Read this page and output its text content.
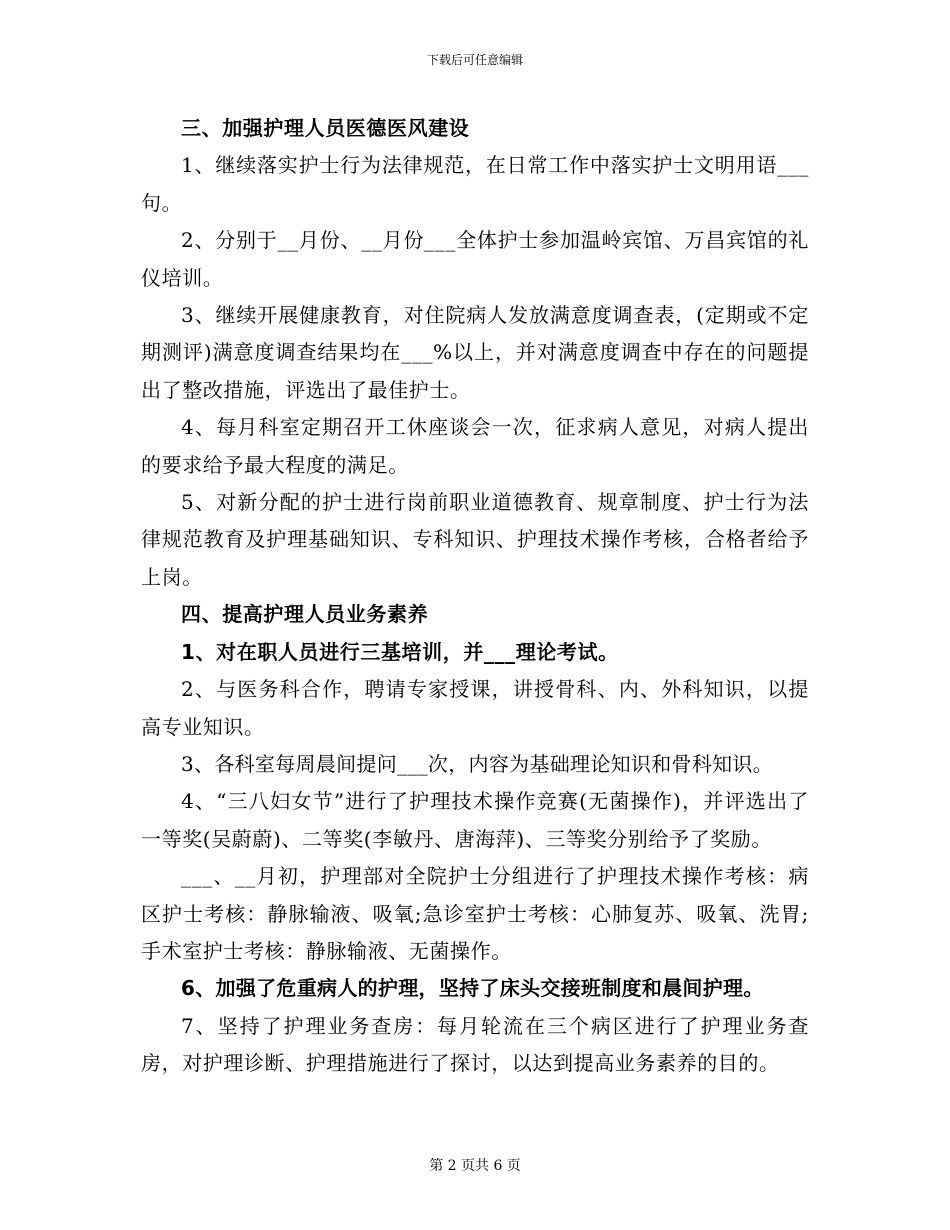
下载后可任意编辑

三、加强护理人员医德医风建设

1、继续落实护士行为法律规范，在日常工作中落实护士文明用语___句。

2、分别于__月份、__月份___全体护士参加温岭宾馆、万昌宾馆的礼仪培训。

3、继续开展健康教育，对住院病人发放满意度调查表，(定期或不定期测评)满意度调查结果均在___%以上，并对满意度调查中存在的问题提出了整改措施，评选出了最佳护士。

4、每月科室定期召开工休座谈会一次，征求病人意见，对病人提出的要求给予最大程度的满足。

5、对新分配的护士进行岗前职业道德教育、规章制度、护士行为法律规范教育及护理基础知识、专科知识、护理技术操作考核，合格者给予上岗。

四、提高护理人员业务素养

1、对在职人员进行三基培训，并___理论考试。

2、与医务科合作，聘请专家授课，讲授骨科、内、外科知识，以提高专业知识。

3、各科室每周晨间提问___次，内容为基础理论知识和骨科知识。

4、“三八妇女节”进行了护理技术操作竞赛(无菌操作)，并评选出了一等奖(吴蔚蔚)、二等奖(李敏丹、唐海萍)、三等奖分别给予了奖励。

___、__月初，护理部对全院护士分组进行了护理技术操作考核：病区护士考核：静脉输液、吸氧;急诊室护士考核：心肺复苏、吸氧、洗胃;手术室护士考核：静脉输液、无菌操作。

6、加强了危重病人的护理，坚持了床头交接班制度和晨间护理。

7、坚持了护理业务查房：每月轮流在三个病区进行了护理业务查房，对护理诊断、护理措施进行了探讨，以达到提高业务素养的目的。

第 2 页共 6 页
